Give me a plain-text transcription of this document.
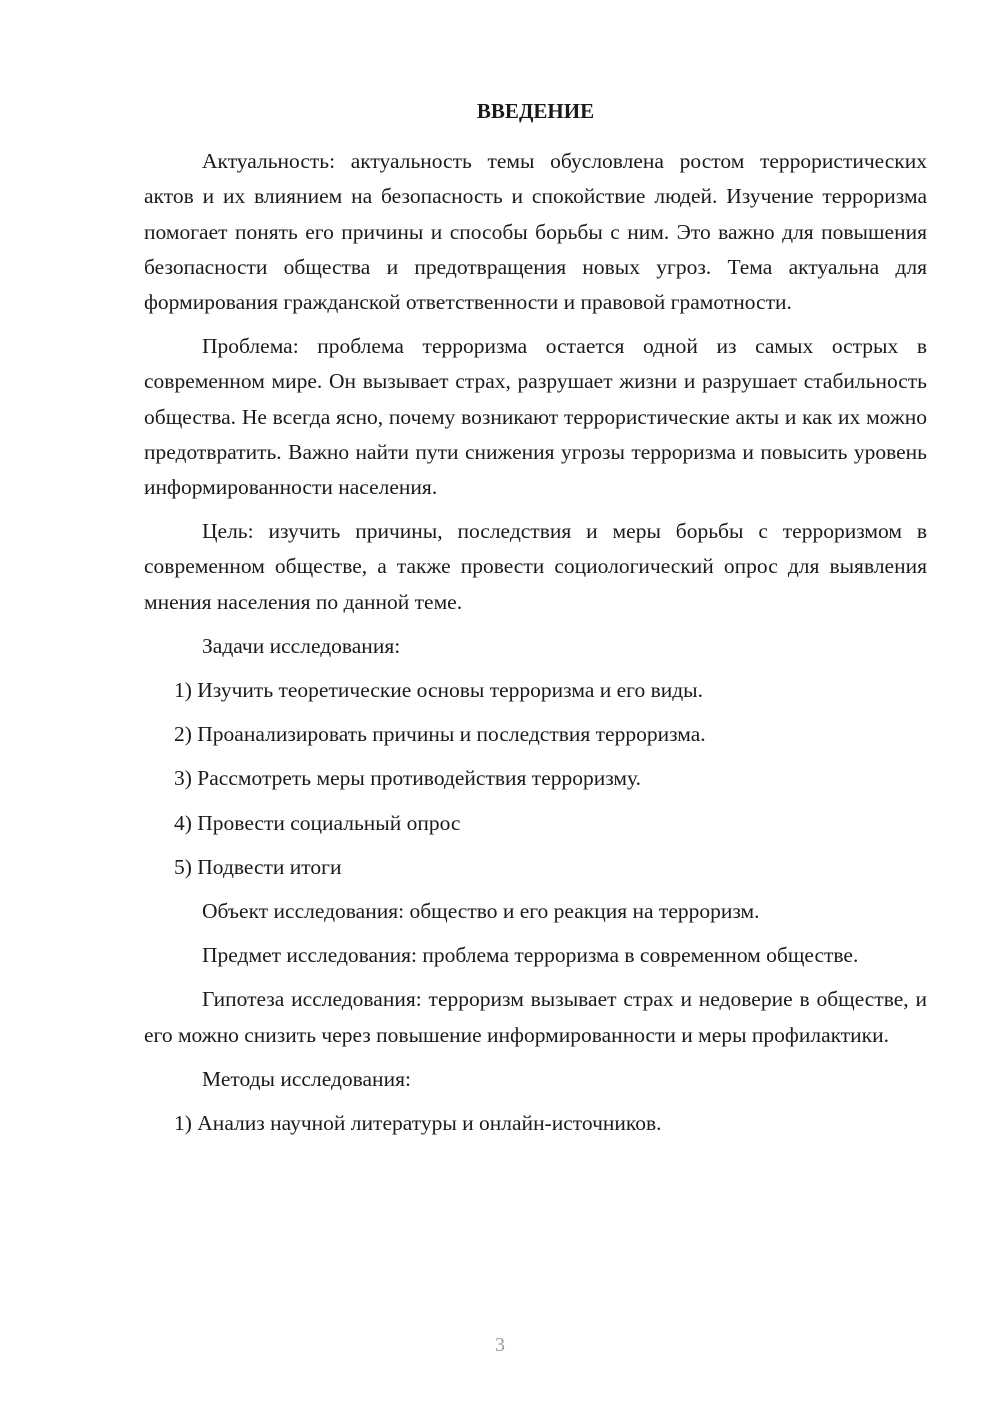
ВВЕДЕНИЕ

Актуальность: актуальность темы обусловлена ростом террористических актов и их влиянием на безопасность и спокойствие людей. Изучение терроризма помогает понять его причины и способы борьбы с ним. Это важно для повышения безопасности общества и предотвращения новых угроз. Тема актуальна для формирования гражданской ответственности и правовой грамотности.

Проблема: проблема терроризма остается одной из самых острых в современном мире. Он вызывает страх, разрушает жизни и разрушает стабильность общества. Не всегда ясно, почему возникают террористические акты и как их можно предотвратить. Важно найти пути снижения угрозы терроризма и повысить уровень информированности населения.

Цель: изучить причины, последствия и меры борьбы с терроризмом в современном обществе, а также провести социологический опрос для выявления мнения населения по данной теме.

Задачи исследования:

1) Изучить теоретические основы терроризма и его виды.

2) Проанализировать причины и последствия терроризма.

3) Рассмотреть меры противодействия терроризму.

4) Провести социальный опрос

5) Подвести итоги

Объект исследования: общество и его реакция на терроризм.

Предмет исследования: проблема терроризма в современном обществе.

Гипотеза исследования: терроризм вызывает страх и недоверие в обществе, и его можно снизить через повышение информированности и меры профилактики.

Методы исследования:

1) Анализ научной литературы и онлайн-источников.

3
